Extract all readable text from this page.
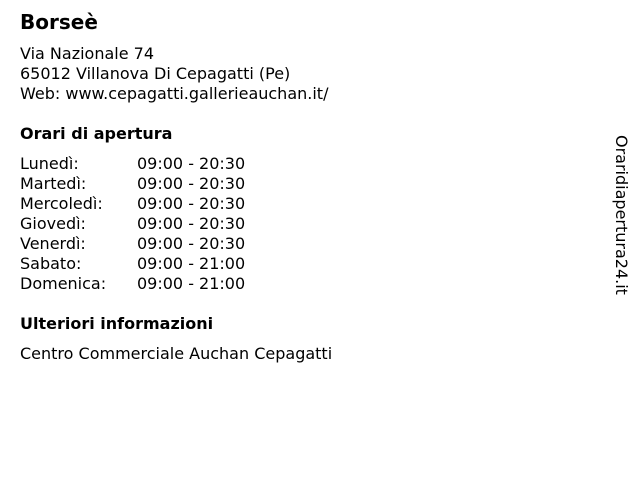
Borseè
Via Nazionale 74
65012 Villanova Di Cepagatti (Pe)
Web: www.cepagatti.gallerieauchan.it/
Orari di apertura
Lunedì:	09:00 - 20:30
Martedì:	09:00 - 20:30
Mercoledì:	09:00 - 20:30
Giovedì:	09:00 - 20:30
Venerdì:	09:00 - 20:30
Sabato:	09:00 - 21:00
Domenica:	09:00 - 21:00
Ulteriori informazioni
Centro Commerciale Auchan Cepagatti
Oraridiapertura24.it
